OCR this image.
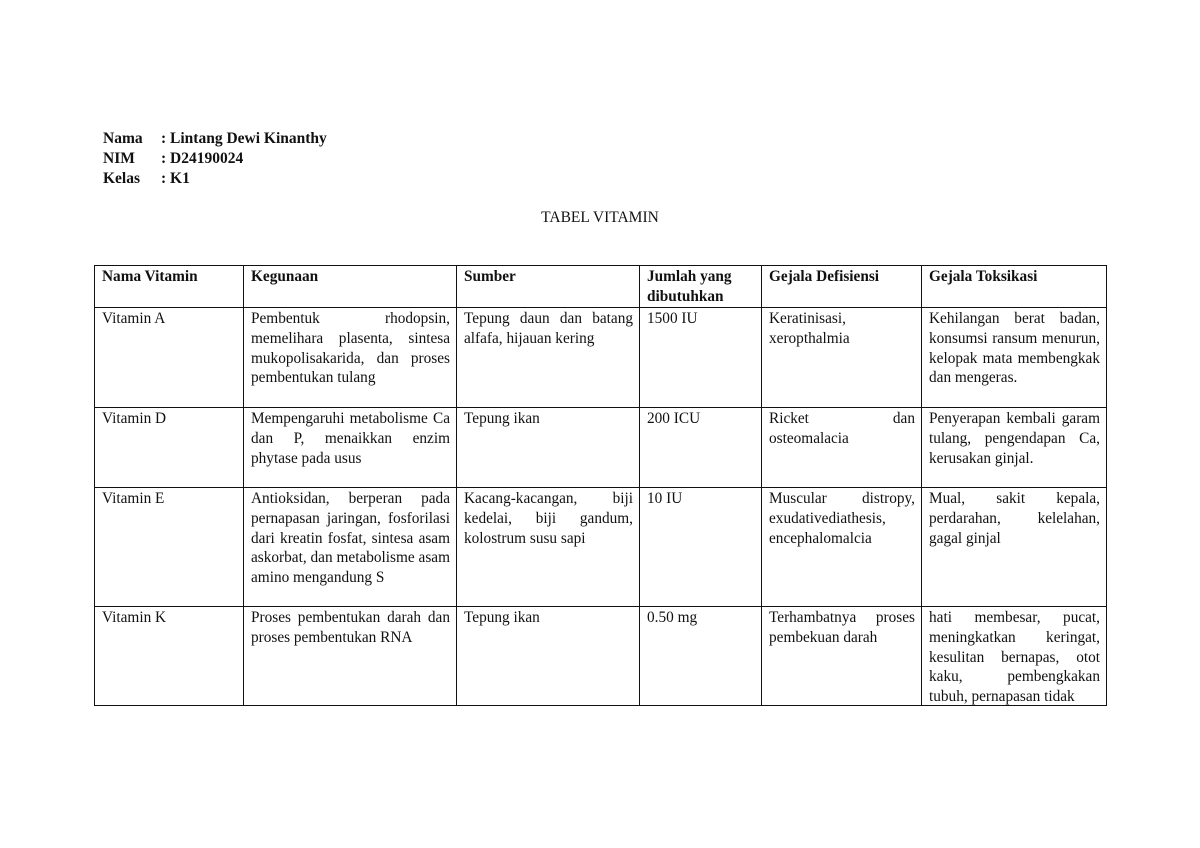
Nama	: Lintang Dewi Kinanthy
NIM	: D24190024
Kelas	: K1
TABEL VITAMIN
Nama Vitamin	Kegunaan	Sumber	Jumlah yang dibutuhkan	Gejala Defisiensi	Gejala Toksikasi

Vitamin A	Pembentuk rhodopsin, memelihara plasenta, sintesa mukopolisakarida, dan proses pembentukan tulang	Tepung daun dan batang alfafa, hijauan kering	1500 IU	Keratinisasi, xeropthalmia	Kehilangan berat badan, konsumsi ransum menurun, kelopak mata membengkak dan mengeras.

Vitamin D	Mempengaruhi metabolisme Ca dan P, menaikkan enzim phytase pada usus	Tepung ikan	200 ICU	Ricket dan osteomalacia	Penyerapan kembali garam tulang, pengendapan Ca, kerusakan ginjal.

Vitamin E	Antioksidan, berperan pada pernapasan jaringan, fosforilasi dari kreatin fosfat, sintesa asam askorbat, dan metabolisme asam amino mengandung S	Kacang-kacangan, biji kedelai, biji gandum, kolostrum susu sapi	10 IU	Muscular distropy, exudativediathesis, encephalomalcia	Mual, sakit kepala, perdarahan, kelelahan, gagal ginjal

Vitamin K	Proses pembentukan darah dan proses pembentukan RNA	Tepung ikan	0.50 mg	Terhambatnya proses pembekuan darah	hati membesar, pucat, meningkatkan keringat, kesulitan bernapas, otot kaku, pembengkakan tubuh, pernapasan tidak
